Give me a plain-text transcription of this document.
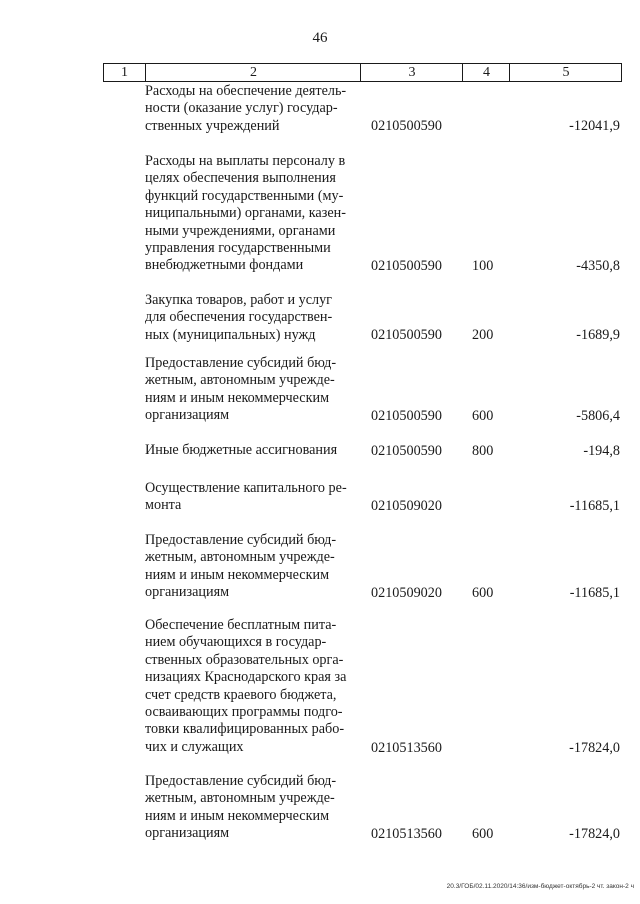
46
1	2	3	4	5
Расходы на обеспечение деятель-
ности (оказание услуг) государ-
ственных учреждений	0210500590	-12041,9
Расходы на выплаты персоналу в
целях обеспечения выполнения
функций государственными (му-
ниципальными) органами, казен-
ными учреждениями, органами
управления государственными
внебюджетными фондами	0210500590 100	-4350,8
Закупка товаров, работ и услуг
для обеспечения государствен-
ных (муниципальных) нужд	0210500590 200	-1689,9
Предоставление субсидий бюд-
жетным, автономным учрежде-
ниям и иным некоммерческим
организациям	0210500590 600	-5806,4
Иные бюджетные ассигнования	0210500590 800	-194,8
Осуществление капитального ре-
монта	0210509020	-11685,1
Предоставление субсидий бюд-
жетным, автономным учрежде-
ниям и иным некоммерческим
организациям	0210509020 600	-11685,1
Обеспечение бесплатным пита-
нием обучающихся в государ-
ственных образовательных орга-
низациях Краснодарского края за
счет средств краевого бюджета,
осваивающих программы подго-
товки квалифицированных рабо-
чих и служащих	0210513560	-17824,0
Предоставление субсидий бюд-
жетным, автономным учрежде-
ниям и иным некоммерческим
организациям	0210513560 600	-17824,0
20.3/ГОБ/02.11.2020/14:36/изм-бюджет-октябрь-2 чт. закон-2 ч
